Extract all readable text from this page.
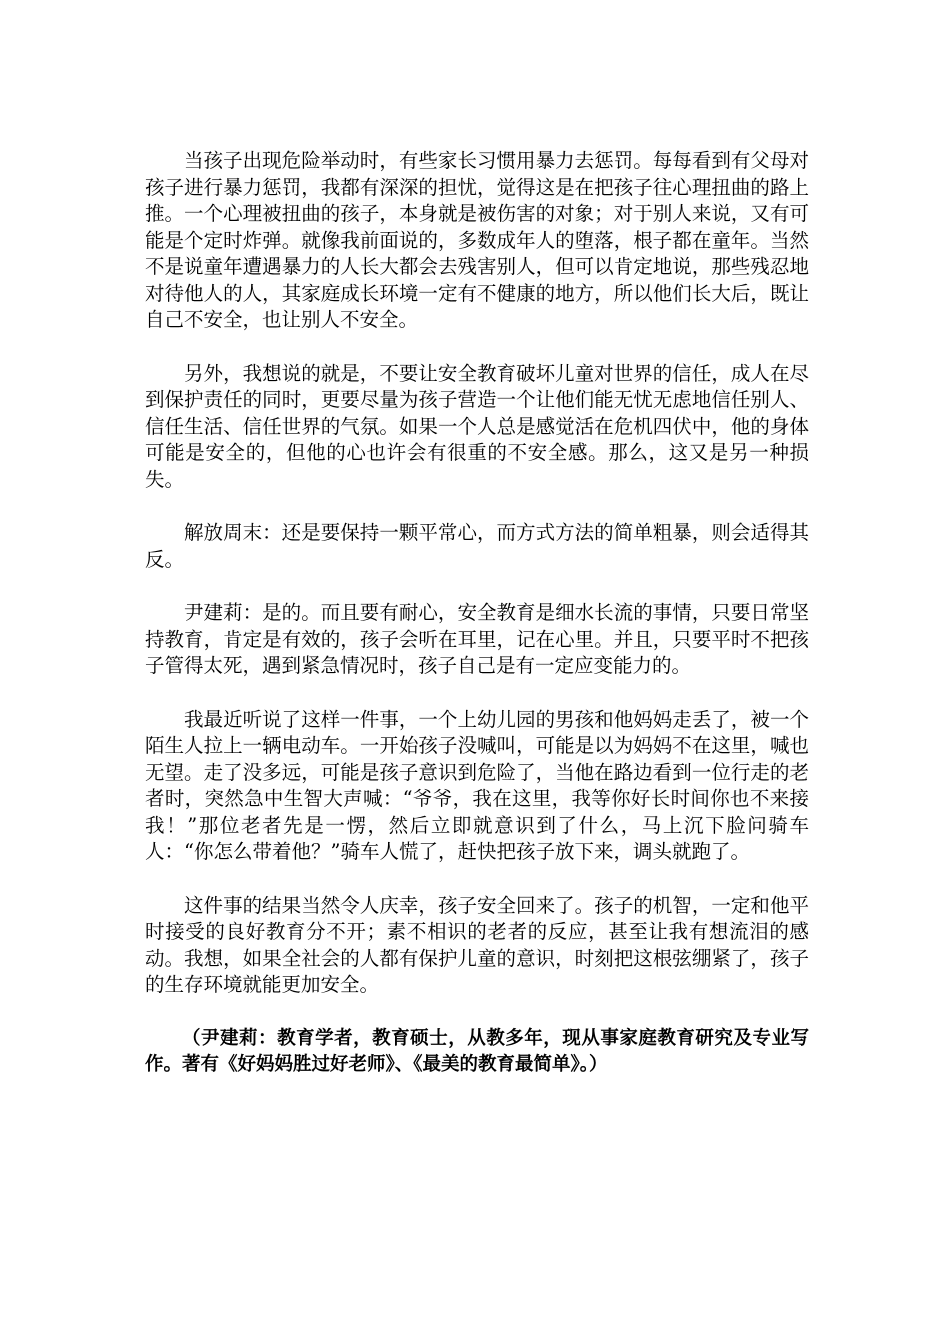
当孩子出现危险举动时，有些家长习惯用暴力去惩罚。每每看到有父母对孩子进行暴力惩罚，我都有深深的担忧，觉得这是在把孩子往心理扭曲的路上推。一个心理被扭曲的孩子，本身就是被伤害的对象；对于别人来说，又有可能是个定时炸弹。就像我前面说的，多数成年人的堕落，根子都在童年。当然不是说童年遭遇暴力的人长大都会去残害别人，但可以肯定地说，那些残忍地对待他人的人，其家庭成长环境一定有不健康的地方，所以他们长大后，既让自己不安全，也让别人不安全。

另外，我想说的就是，不要让安全教育破坏儿童对世界的信任，成人在尽到保护责任的同时，更要尽量为孩子营造一个让他们能无忧无虑地信任别人、信任生活、信任世界的气氛。如果一个人总是感觉活在危机四伏中，他的身体可能是安全的，但他的心也许会有很重的不安全感。那么，这又是另一种损失。

解放周末：还是要保持一颗平常心，而方式方法的简单粗暴，则会适得其反。

尹建莉：是的。而且要有耐心，安全教育是细水长流的事情，只要日常坚持教育，肯定是有效的，孩子会听在耳里，记在心里。并且，只要平时不把孩子管得太死，遇到紧急情况时，孩子自己是有一定应变能力的。

我最近听说了这样一件事，一个上幼儿园的男孩和他妈妈走丢了，被一个陌生人拉上一辆电动车。一开始孩子没喊叫，可能是以为妈妈不在这里，喊也无望。走了没多远，可能是孩子意识到危险了，当他在路边看到一位行走的老者时，突然急中生智大声喊：“爷爷，我在这里，我等你好长时间你也不来接我！”那位老者先是一愣，然后立即就意识到了什么，马上沉下脸问骑车人：“你怎么带着他？”骑车人慌了，赶快把孩子放下来，调头就跑了。

这件事的结果当然令人庆幸，孩子安全回来了。孩子的机智，一定和他平时接受的良好教育分不开；素不相识的老者的反应，甚至让我有想流泪的感动。我想，如果全社会的人都有保护儿童的意识，时刻把这根弦绷紧了，孩子的生存环境就能更加安全。

（尹建莉：教育学者，教育硕士，从教多年，现从事家庭教育研究及专业写作。著有《好妈妈胜过好老师》、《最美的教育最简单》。）
